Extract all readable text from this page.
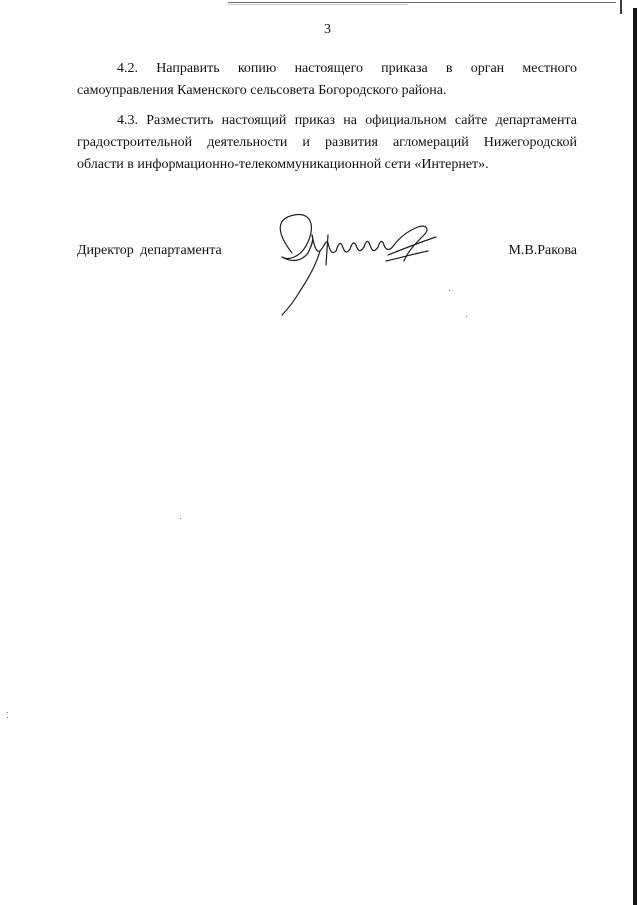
3
4.2. Направить копию настоящего приказа в орган местного
самоуправления Каменского сельсовета Богородского района.
4.3. Разместить настоящий приказ на официальном сайте департамента
градостроительной деятельности и развития агломераций Нижегородской
области в информационно-телекоммуникационной сети «Интернет».
Директор департамента	М.В.Ракова
